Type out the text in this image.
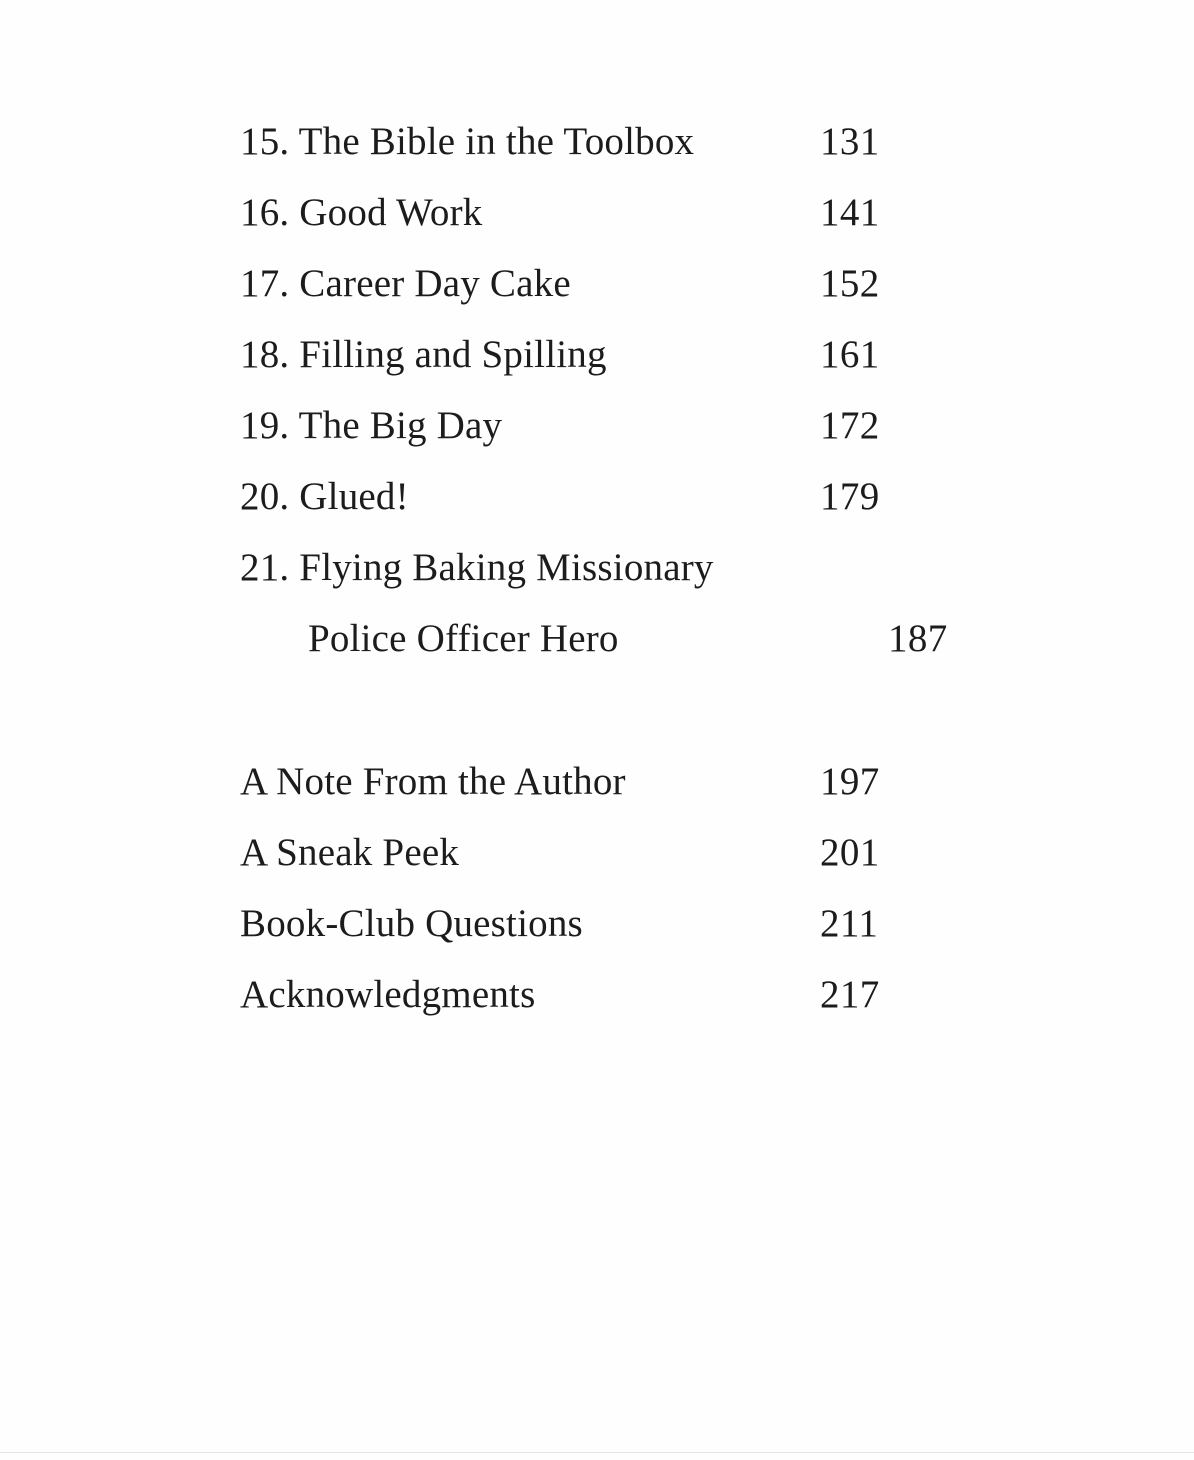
15. The Bible in the Toolbox	131
16. Good Work	141
17. Career Day Cake	152
18. Filling and Spilling	161
19. The Big Day	172
20. Glued!	179
21. Flying Baking Missionary
Police Officer Hero	187
A Note From the Author	197
A Sneak Peek	201
Book-Club Questions	211
Acknowledgments	217
